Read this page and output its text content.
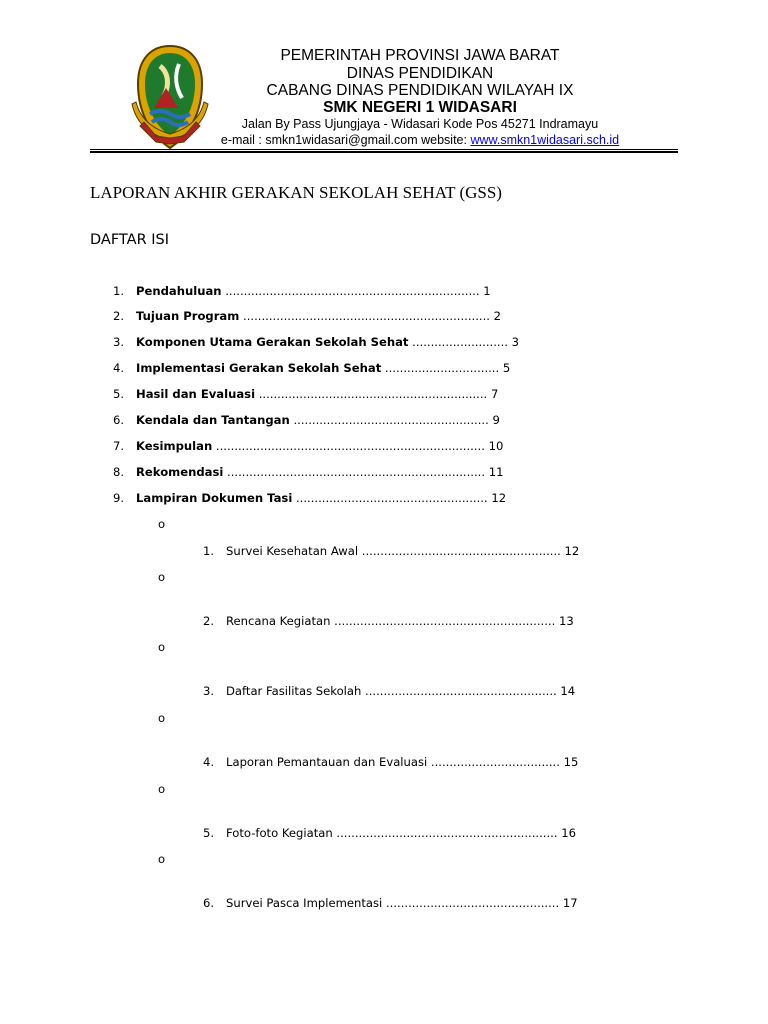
PEMERINTAH PROVINSI JAWA BARAT
DINAS PENDIDIKAN
CABANG DINAS PENDIDIKAN WILAYAH IX
SMK NEGERI 1 WIDASARI
Jalan By Pass Ujungjaya - Widasari Kode Pos 45271 Indramayu
e-mail : smkn1widasari@gmail.com website: www.smkn1widasari.sch.id
LAPORAN AKHIR GERAKAN SEKOLAH SEHAT (GSS)
DAFTAR ISI
1. Pendahuluan ..................................................................... 1
2. Tujuan Program ................................................................... 2
3. Komponen Utama Gerakan Sekolah Sehat .......................... 3
4. Implementasi Gerakan Sekolah Sehat ............................... 5
5. Hasil dan Evaluasi .............................................................. 7
6. Kendala dan Tantangan ..................................................... 9
7. Kesimpulan ......................................................................... 10
8. Rekomendasi ...................................................................... 11
9. Lampiran Dokumen Tasi .................................................... 12
o
1. Survei Kesehatan Awal ...................................................... 12
o
2. Rencana Kegiatan ............................................................ 13
o
3. Daftar Fasilitas Sekolah .................................................... 14
o
4. Laporan Pemantauan dan Evaluasi ................................... 15
o
5. Foto-foto Kegiatan ............................................................ 16
o
6. Survei Pasca Implementasi ............................................... 17
